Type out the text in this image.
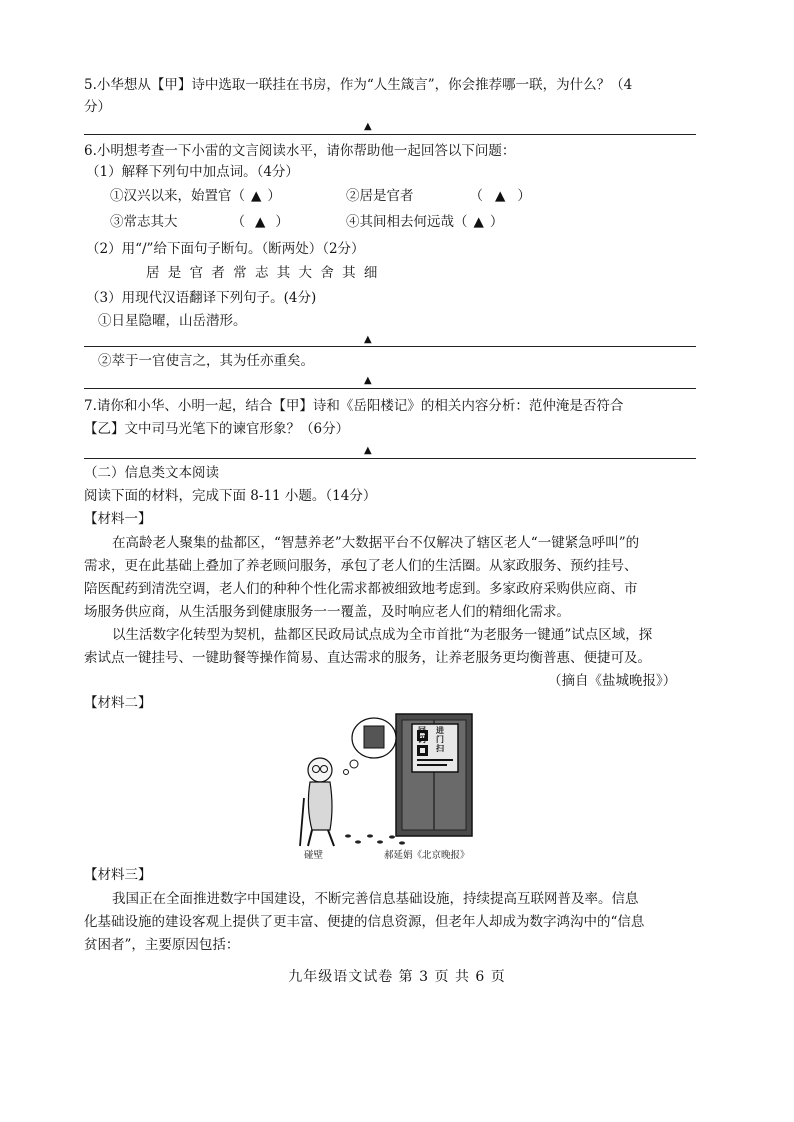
5.小华想从【甲】诗中选取一联挂在书房，作为“人生箴言”，你会推荐哪一联，为什么？（4
分）
▲
6.小明想考查一下小雷的文言阅读水平，请你帮助他一起回答以下问题：
（1）解释下列句中加点词。（4分）
①汉兴以来，始置官（ ▲ ）	②居是官者	（ ▲ ）
③常志其大	（ ▲ ）	④其间相去何远哉（ ▲ ）
（2）用“/”给下面句子断句。（断两处）（2分）
居 是 官 者 常 志 其 大 舍 其 细
（3）用现代汉语翻译下列句子。(4分)
①日星隐曜，山岳潜形。
▲
②萃于一官使言之，其为任亦重矣。
▲
7.请你和小华、小明一起，结合【甲】诗和《岳阳楼记》的相关内容分析：范仲淹是否符合
【乙】文中司马光笔下的谏官形象？（6分）
▲
（二）信息类文本阅读
阅读下面的材料，完成下面 8-11 小题。（14分）
【材料一】
在高龄老人聚集的盐都区，“智慧养老”大数据平台不仅解决了辖区老人“一键紧急呼叫”的
需求，更在此基础上叠加了养老顾问服务，承包了老人们的生活圈。从家政服务、预约挂号、
陪医配药到清洗空调，老人们的种种个性化需求都被细致地考虑到。多家政府采购供应商、市
场服务供应商，从生活服务到健康服务一一覆盖，及时响应老人们的精细化需求。
以生活数字化转型为契机，盐都区民政局试点成为全市首批“为老服务一键通”试点区域，探
索试点一键挂号、一键助餐等操作简易、直达需求的服务，让养老服务更均衡普惠、便捷可及。
（摘自《盐城晚报》）
【材料二】
回码
进门扫
碰壁	郝延娟《北京晚报》
【材料三】
我国正在全面推进数字中国建设，不断完善信息基础设施，持续提高互联网普及率。信息
化基础设施的建设客观上提供了更丰富、便捷的信息资源，但老年人却成为数字鸿沟中的“信息
贫困者”，主要原因包括：
九年级语文试卷 第 3 页 共 6 页
